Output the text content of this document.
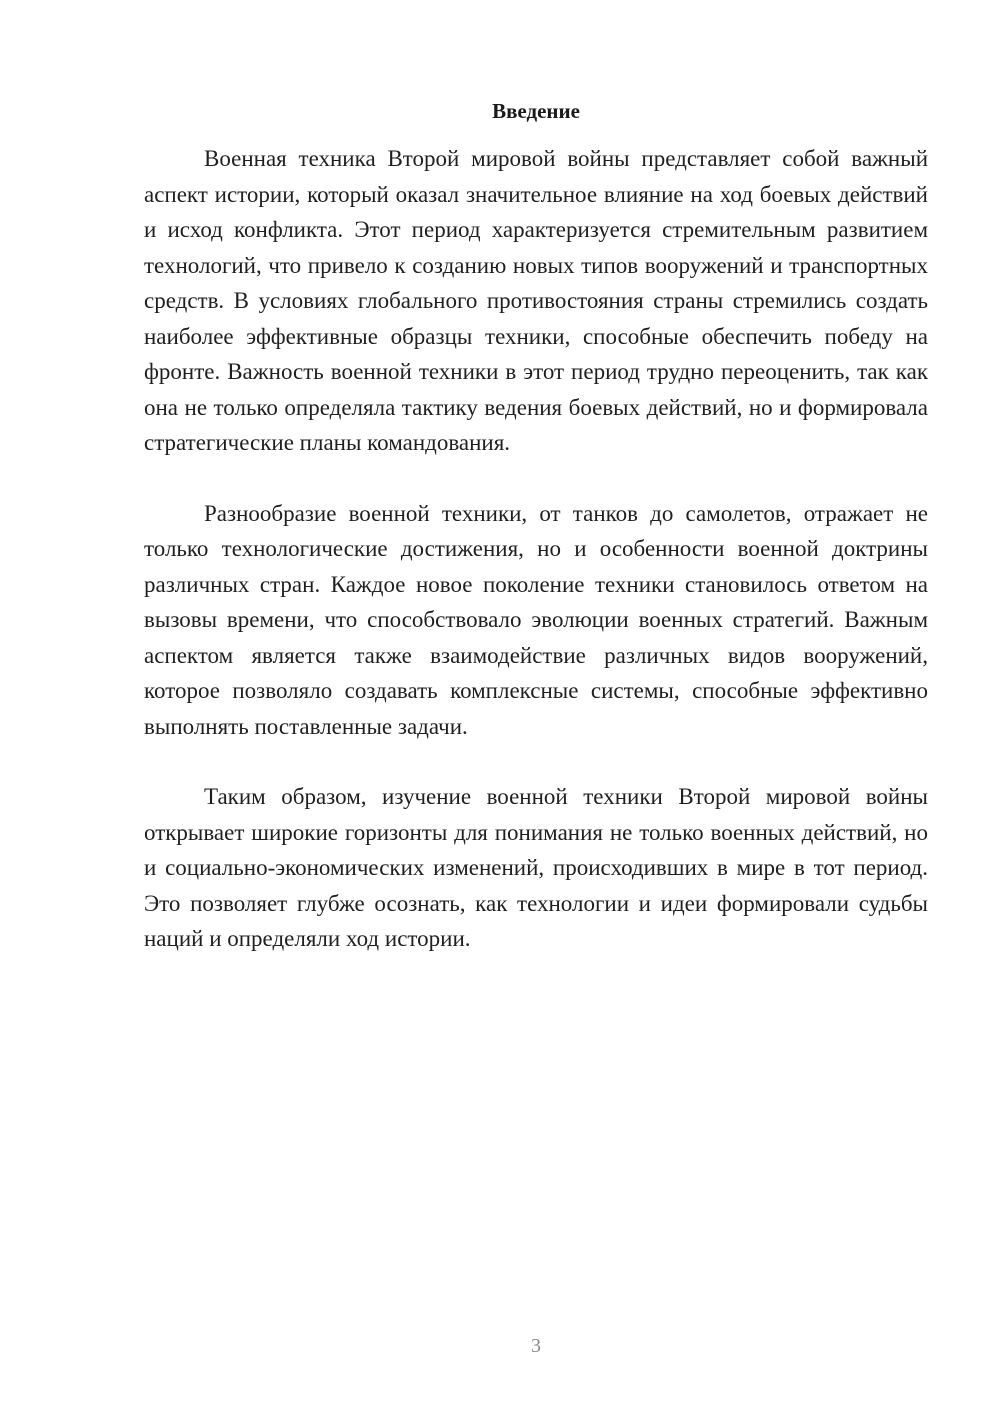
Введение

Военная техника Второй мировой войны представляет собой важный аспект истории, который оказал значительное влияние на ход боевых действий и исход конфликта. Этот период характеризуется стремительным развитием технологий, что привело к созданию новых типов вооружений и транспортных средств. В условиях глобального противостояния страны стремились создать наиболее эффективные образцы техники, способные обеспечить победу на фронте. Важность военной техники в этот период трудно переоценить, так как она не только определяла тактику ведения боевых действий, но и формировала стратегические планы командования.

Разнообразие военной техники, от танков до самолетов, отражает не только технологические достижения, но и особенности военной доктрины различных стран. Каждое новое поколение техники становилось ответом на вызовы времени, что способствовало эволюции военных стратегий. Важным аспектом является также взаимодействие различных видов вооружений, которое позволяло создавать комплексные системы, способные эффективно выполнять поставленные задачи.

Таким образом, изучение военной техники Второй мировой войны открывает широкие горизонты для понимания не только военных действий, но и социально-экономических изменений, происходивших в мире в тот период. Это позволяет глубже осознать, как технологии и идеи формировали судьбы наций и определяли ход истории.

3
